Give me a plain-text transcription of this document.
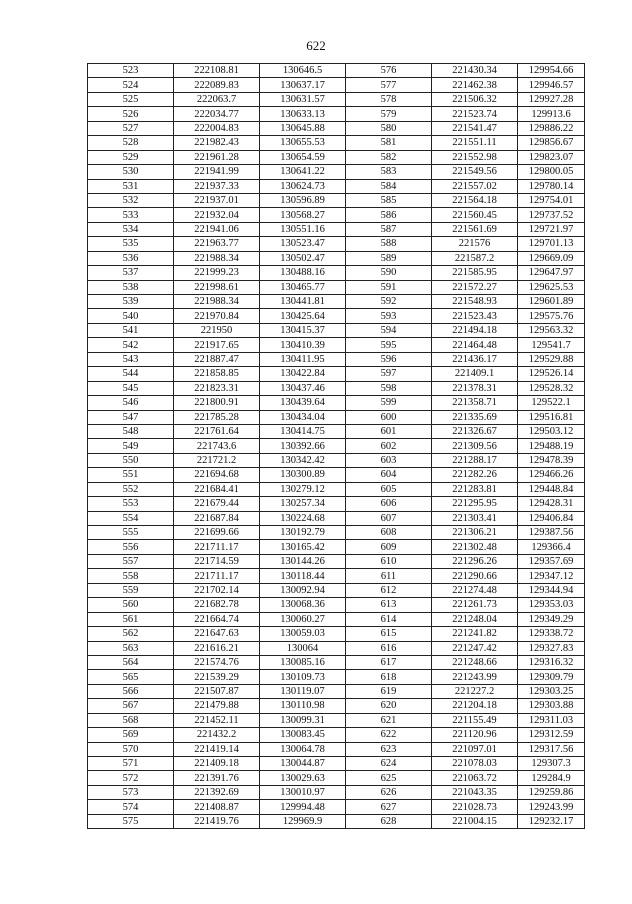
622
523	222108.81	130646.5	576	221430.34	129954.66
524	222089.83	130637.17	577	221462.38	129946.57
525	222063.7	130631.57	578	221506.32	129927.28
526	222034.77	130633.13	579	221523.74	129913.6
527	222004.83	130645.88	580	221541.47	129886.22
528	221982.43	130655.53	581	221551.11	129856.67
529	221961.28	130654.59	582	221552.98	129823.07
530	221941.99	130641.22	583	221549.56	129800.05
531	221937.33	130624.73	584	221557.02	129780.14
532	221937.01	130596.89	585	221564.18	129754.01
533	221932.04	130568.27	586	221560.45	129737.52
534	221941.06	130551.16	587	221561.69	129721.97
535	221963.77	130523.47	588	221576	129701.13
536	221988.34	130502.47	589	221587.2	129669.09
537	221999.23	130488.16	590	221585.95	129647.97
538	221998.61	130465.77	591	221572.27	129625.53
539	221988.34	130441.81	592	221548.93	129601.89
540	221970.84	130425.64	593	221523.43	129575.76
541	221950	130415.37	594	221494.18	129563.32
542	221917.65	130410.39	595	221464.48	129541.7
543	221887.47	130411.95	596	221436.17	129529.88
544	221858.85	130422.84	597	221409.1	129526.14
545	221823.31	130437.46	598	221378.31	129528.32
546	221800.91	130439.64	599	221358.71	129522.1
547	221785.28	130434.04	600	221335.69	129516.81
548	221761.64	130414.75	601	221326.67	129503.12
549	221743.6	130392.66	602	221309.56	129488.19
550	221721.2	130342.42	603	221288.17	129478.39
551	221694.68	130300.89	604	221282.26	129466.26
552	221684.41	130279.12	605	221283.81	129448.84
553	221679.44	130257.34	606	221295.95	129428.31
554	221687.84	130224.68	607	221303.41	129406.84
555	221699.66	130192.79	608	221306.21	129387.56
556	221711.17	130165.42	609	221302.48	129366.4
557	221714.59	130144.26	610	221296.26	129357.69
558	221711.17	130118.44	611	221290.66	129347.12
559	221702.14	130092.94	612	221274.48	129344.94
560	221682.78	130068.36	613	221261.73	129353.03
561	221664.74	130060.27	614	221248.04	129349.29
562	221647.63	130059.03	615	221241.82	129338.72
563	221616.21	130064	616	221247.42	129327.83
564	221574.76	130085.16	617	221248.66	129316.32
565	221539.29	130109.73	618	221243.99	129309.79
566	221507.87	130119.07	619	221227.2	129303.25
567	221479.88	130110.98	620	221204.18	129303.88
568	221452.11	130099.31	621	221155.49	129311.03
569	221432.2	130083.45	622	221120.96	129312.59
570	221419.14	130064.78	623	221097.01	129317.56
571	221409.18	130044.87	624	221078.03	129307.3
572	221391.76	130029.63	625	221063.72	129284.9
573	221392.69	130010.97	626	221043.35	129259.86
574	221408.87	129994.48	627	221028.73	129243.99
575	221419.76	129969.9	628	221004.15	129232.17
